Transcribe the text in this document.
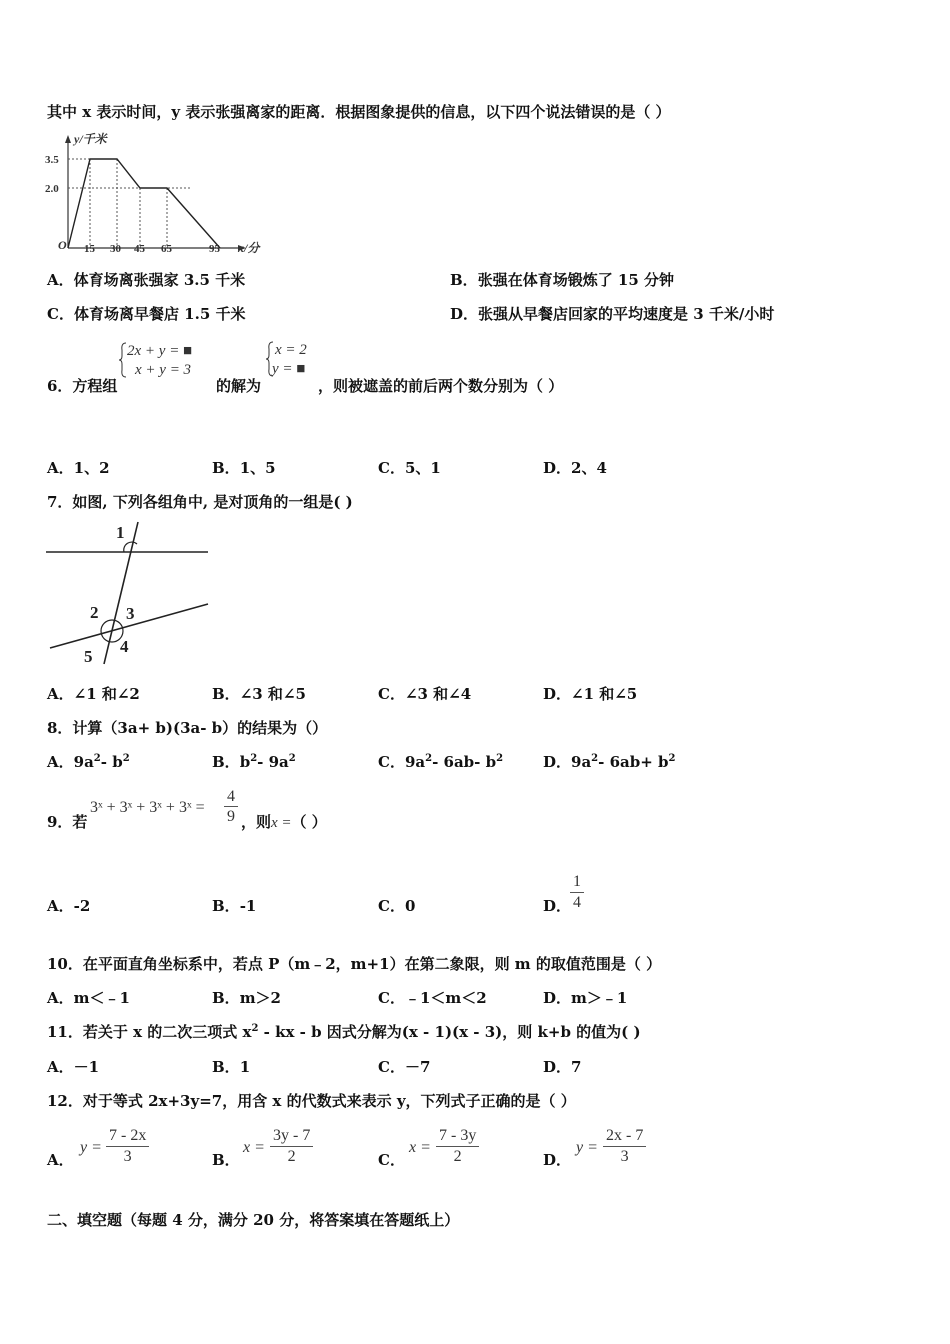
其中 x 表示时间，y 表示张强离家的距离．根据图象提供的信息，以下四个说法错误的是（ ）
y/千米
3.5
2.0
O 15 30 45 65	95 x/分
A．体育场离张强家 3.5 千米	B．张强在体育场锻炼了 15 分钟
C．体育场离早餐店 1.5 千米	D．张强从早餐店回家的平均速度是 3 千米/小时
6．方程组
2x + y = ■
x + y = 3
的解为
x = 2
y = ■
，则被遮盖的前后两个数分别为（ ）
A．1、2	B．1、5	C．5、1	D．2、4
7．如图, 下列各组角中, 是对顶角的一组是( )
1
2 3
4
5
A．∠1 和∠2	B．∠3 和∠5	C．∠3 和∠4	D．∠1 和∠5
8．计算（3a+ b)(3a- b）的结果为（）
A．$9a^2-$ $b^2$	B．$b^2-$ $9a^2$	C．$9a^2-$ 6ab- $b^2$	D．$9a^2-$ $6ab+ b^2$
9．若
3ˣ + 3ˣ + 3ˣ + 3ˣ = $\frac{4}{9}$ ，则x =（ ）
A．-2	B．-1	C．0	D．
$\frac{1}{4}$
10．在平面直角坐标系中，若点 P（m﹣2，m+1）在第二象限，则 m 的取值范围是（ ）
A．m＜﹣1	B．m＞2	C．﹣1＜m＜2	D．m＞﹣1
11．若关于 x 的二次三项式 $x^2$ - kx - b 因式分解为(x - 1)(x - 3)，则 k+b 的值为( )
A．－1	B．1	C．－7	D．7
12．对于等式 2x+3y=7，用含 x 的代数式来表示 y，下列式子正确的是（ ）
A．
$y = \frac{7 - 2x}{3}$	B．
$x = \frac{3y - 7}{2}$	C．
$x = \frac{7 - 3y}{2}$	D．
$y = \frac{2x - 7}{3}$
二、填空题（每题 4 分，满分 20 分，将答案填在答题纸上）
